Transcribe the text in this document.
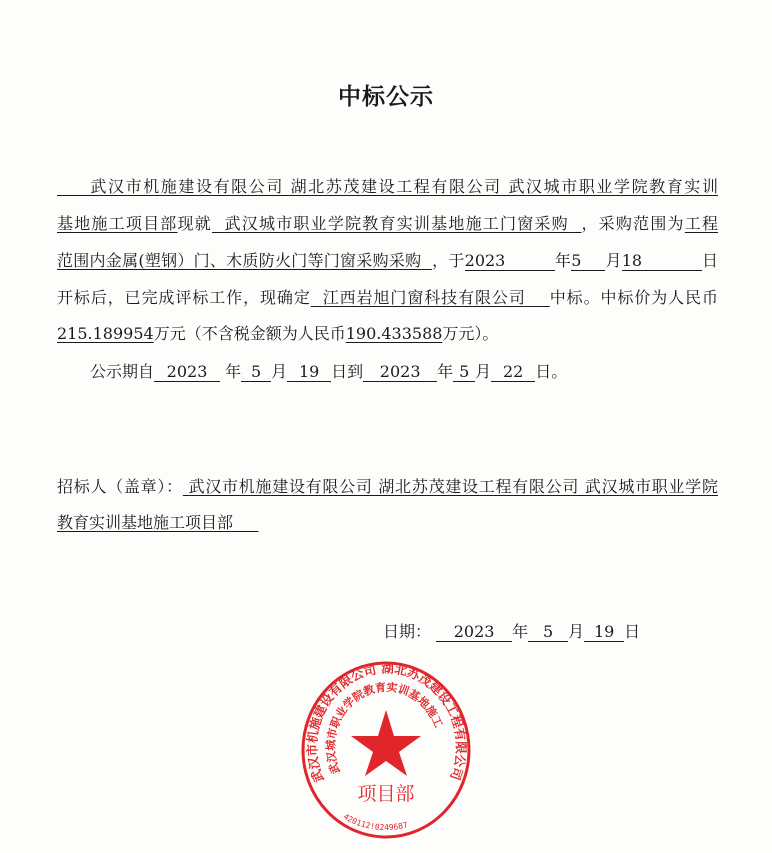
中标公示
武汉市机施建设有限公司 湖北苏茂建设工程有限公司 武汉城市职业学院教育实训
基地施工项目部现就 武汉城市职业学院教育实训基地施工门窗采购 ，采购范围为工程
范围内金属(塑钢）门、木质防火门等门窗采购采购 ，于2023	年5 月18	日
开标后，已完成评标工作，现确定 江西岩旭门窗科技有限公司 中标。中标价为人民币
215.189954万元（不含税金额为人民币190.433588万元）。
公示期自 2023 年 5 月 19 日到 2023 年 5 月 22 日。
招标人（盖章）： 武汉市机施建设有限公司 湖北苏茂建设工程有限公司 武汉城市职业学院
教育实训基地施工项目部
日期： 2023 年 5 月 19 日
武汉市机施建设有限公司 湖北苏茂建设工程有限公司
武汉城市职业学院教育实训基地施工
项目部
420112!0249687
